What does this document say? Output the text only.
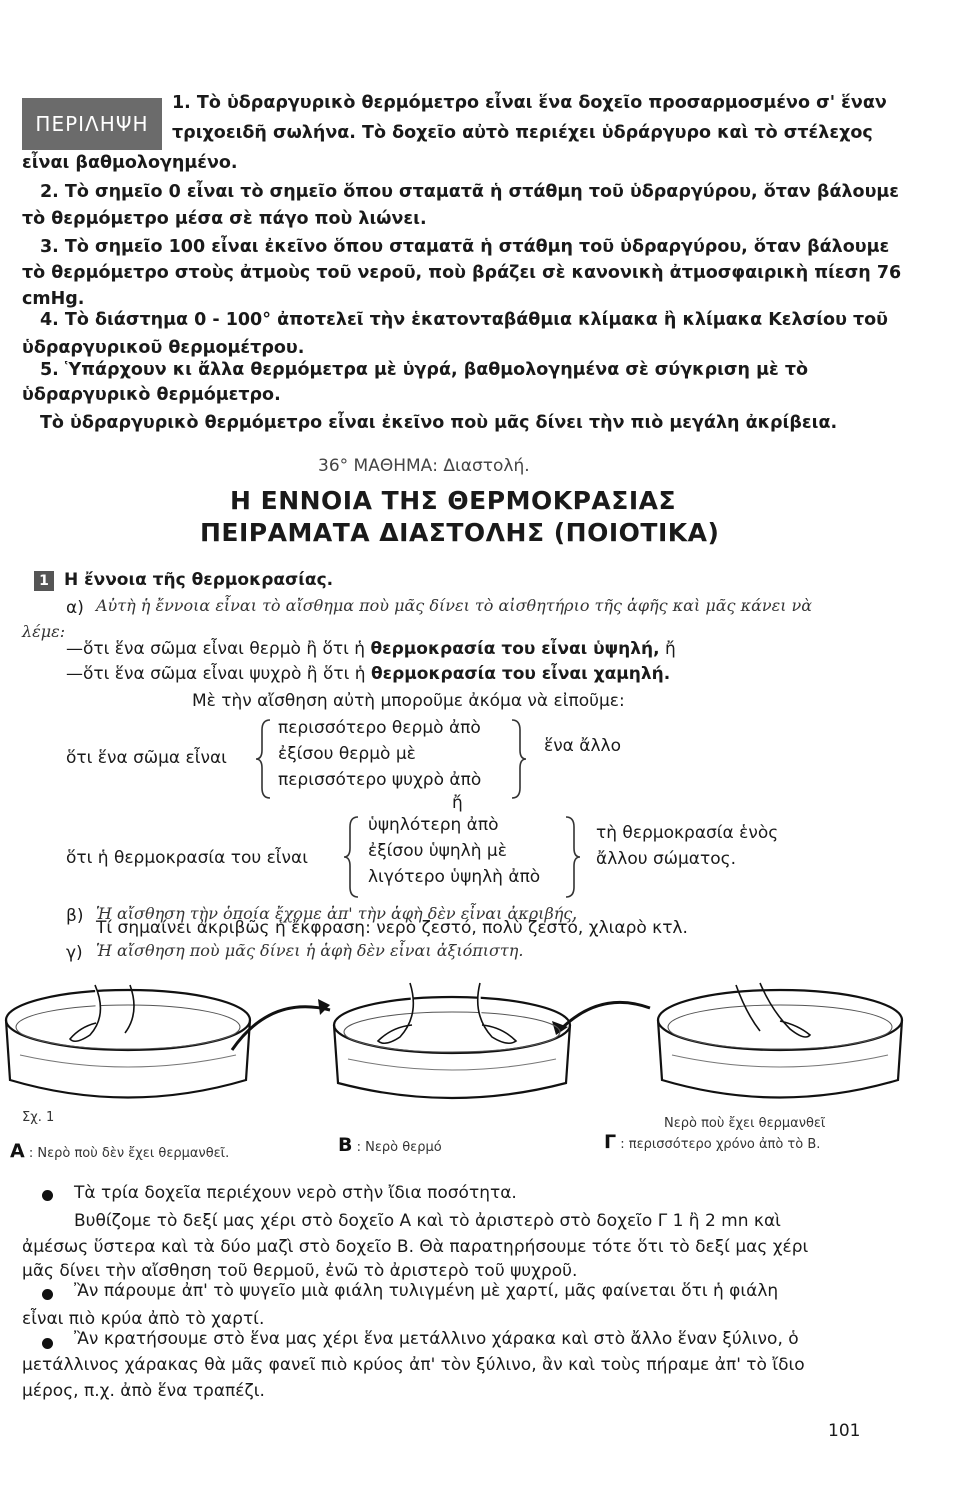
ΠΕΡΙΛΗΨΗ
1. Τὸ ὑδραργυρικὸ θερμόμετρο εἶναι ἕνα δοχεῖο προσαρμοσμένο σ' ἕναν
τριχοειδῆ σωλήνα. Τὸ δοχεῖο αὐτὸ περιέχει ὑδράργυρο καὶ τὸ στέλεχος
εἶναι βαθμολογημένο.
2. Τὸ σημεῖο 0 εἶναι τὸ σημεῖο ὅπου σταματᾶ ἡ στάθμη τοῦ ὑδραργύρου, ὅταν βάλουμε
τὸ θερμόμετρο μέσα σὲ πάγο ποὺ λιώνει.
3. Τὸ σημεῖο 100 εἶναι ἐκεῖνο ὅπου σταματᾶ ἡ στάθμη τοῦ ὑδραργύρου, ὅταν βάλουμε
τὸ θερμόμετρο στοὺς ἀτμοὺς τοῦ νεροῦ, ποὺ βράζει σὲ κανονικὴ ἀτμοσφαιρικὴ πίεση 76
cmHg.
4. Τὸ διάστημα 0 - 100° ἀποτελεῖ τὴν ἑκατονταβάθμια κλίμακα ἢ κλίμακα Κελσίου τοῦ
ὑδραργυρικοῦ θερμομέτρου.
5. Ὑπάρχουν κι ἄλλα θερμόμετρα μὲ ὑγρά, βαθμολογημένα σὲ σύγκριση μὲ τὸ
ὑδραργυρικὸ θερμόμετρο.
Τὸ ὑδραργυρικὸ θερμόμετρο εἶναι ἐκεῖνο ποὺ μᾶς δίνει τὴν πιὸ μεγάλη ἀκρίβεια.
36° ΜΑΘΗΜΑ: Διαστολή.
Η ΕΝΝΟΙΑ ΤΗΣ ΘΕΡΜΟΚΡΑΣΙΑΣ
ΠΕΙΡΑΜΑΤΑ ΔΙΑΣΤΟΛΗΣ (ΠΟΙΟΤΙΚΑ)
1 Η ἔννοια τῆς θερμοκρασίας.
α) Αὐτὴ ἡ ἔννοια εἶναι τὸ αἴσθημα ποὺ μᾶς δίνει τὸ αἰσθητήριο τῆς ἁφῆς καὶ μᾶς κάνει νὰ
λέμε:
—ὅτι ἕνα σῶμα εἶναι θερμὸ ἢ ὅτι ἡ θερμοκρασία του εἶναι ὑψηλή, ἤ
—ὅτι ἕνα σῶμα εἶναι ψυχρὸ ἢ ὅτι ἡ θερμοκρασία του εἶναι χαμηλή.
Μὲ τὴν αἴσθηση αὐτὴ μποροῦμε ἀκόμα νὰ εἰποῦμε:
ὅτι ἕνα σῶμα εἶναι
περισσότερο θερμὸ ἀπὸ
ἐξίσου θερμὸ μὲ
περισσότερο ψυχρὸ ἀπὸ
ἕνα ἄλλο
ἤ
ὅτι ἡ θερμοκρασία του εἶναι
ὑψηλότερη ἀπὸ
ἐξίσου ὑψηλὴ μὲ
λιγότερο ὑψηλὴ ἀπὸ
τὴ θερμοκρασία ἑνὸς
ἄλλου σώματος.
β) Ἡ αἴσθηση τὴν ὁποία ἔχομε ἀπ' τὴν ἁφὴ δὲν εἶναι ἀκριβής.
Τί σημαίνει ἀκριβῶς ἡ ἔκφραση: νερὸ ζεστό, πολὺ ζεστό, χλιαρὸ κτλ.
γ) Ἡ αἴσθηση ποὺ μᾶς δίνει ἡ ἁφὴ δὲν εἶναι ἀξιόπιστη.
Σχ. 1
Α : Νερὸ ποὺ δὲν ἔχει θερμανθεῖ.	Β : Νερὸ θερμό
Νερὸ ποὺ ἔχει θερμανθεῖ
Γ : περισσότερο χρόνο ἀπὸ τὸ Β.
Τὰ τρία δοχεῖα περιέχουν νερὸ στὴν ἴδια ποσότητα.
Βυθίζομε τὸ δεξί μας χέρι στὸ δοχεῖο Α καὶ τὸ ἀριστερὸ στὸ δοχεῖο Γ 1 ἢ 2 mn καὶ
ἀμέσως ὕστερα καὶ τὰ δύο μαζὶ στὸ δοχεῖο Β. Θὰ παρατηρήσουμε τότε ὅτι τὸ δεξί μας χέρι
μᾶς δίνει τὴν αἴσθηση τοῦ θερμοῦ, ἐνῶ τὸ ἀριστερὸ τοῦ ψυχροῦ.
Ἂν πάρουμε ἀπ' τὸ ψυγεῖο μιὰ φιάλη τυλιγμένη μὲ χαρτί, μᾶς φαίνεται ὅτι ἡ φιάλη
εἶναι πιὸ κρύα ἀπὸ τὸ χαρτί.
Ἂν κρατήσουμε στὸ ἕνα μας χέρι ἕνα μετάλλινο χάρακα καὶ στὸ ἄλλο ἕναν ξύλινο, ὁ
μετάλλινος χάρακας θὰ μᾶς φανεῖ πιὸ κρύος ἀπ' τὸν ξύλινο, ἂν καὶ τοὺς πήραμε ἀπ' τὸ ἴδιο
μέρος, π.χ. ἀπὸ ἕνα τραπέζι.
101
